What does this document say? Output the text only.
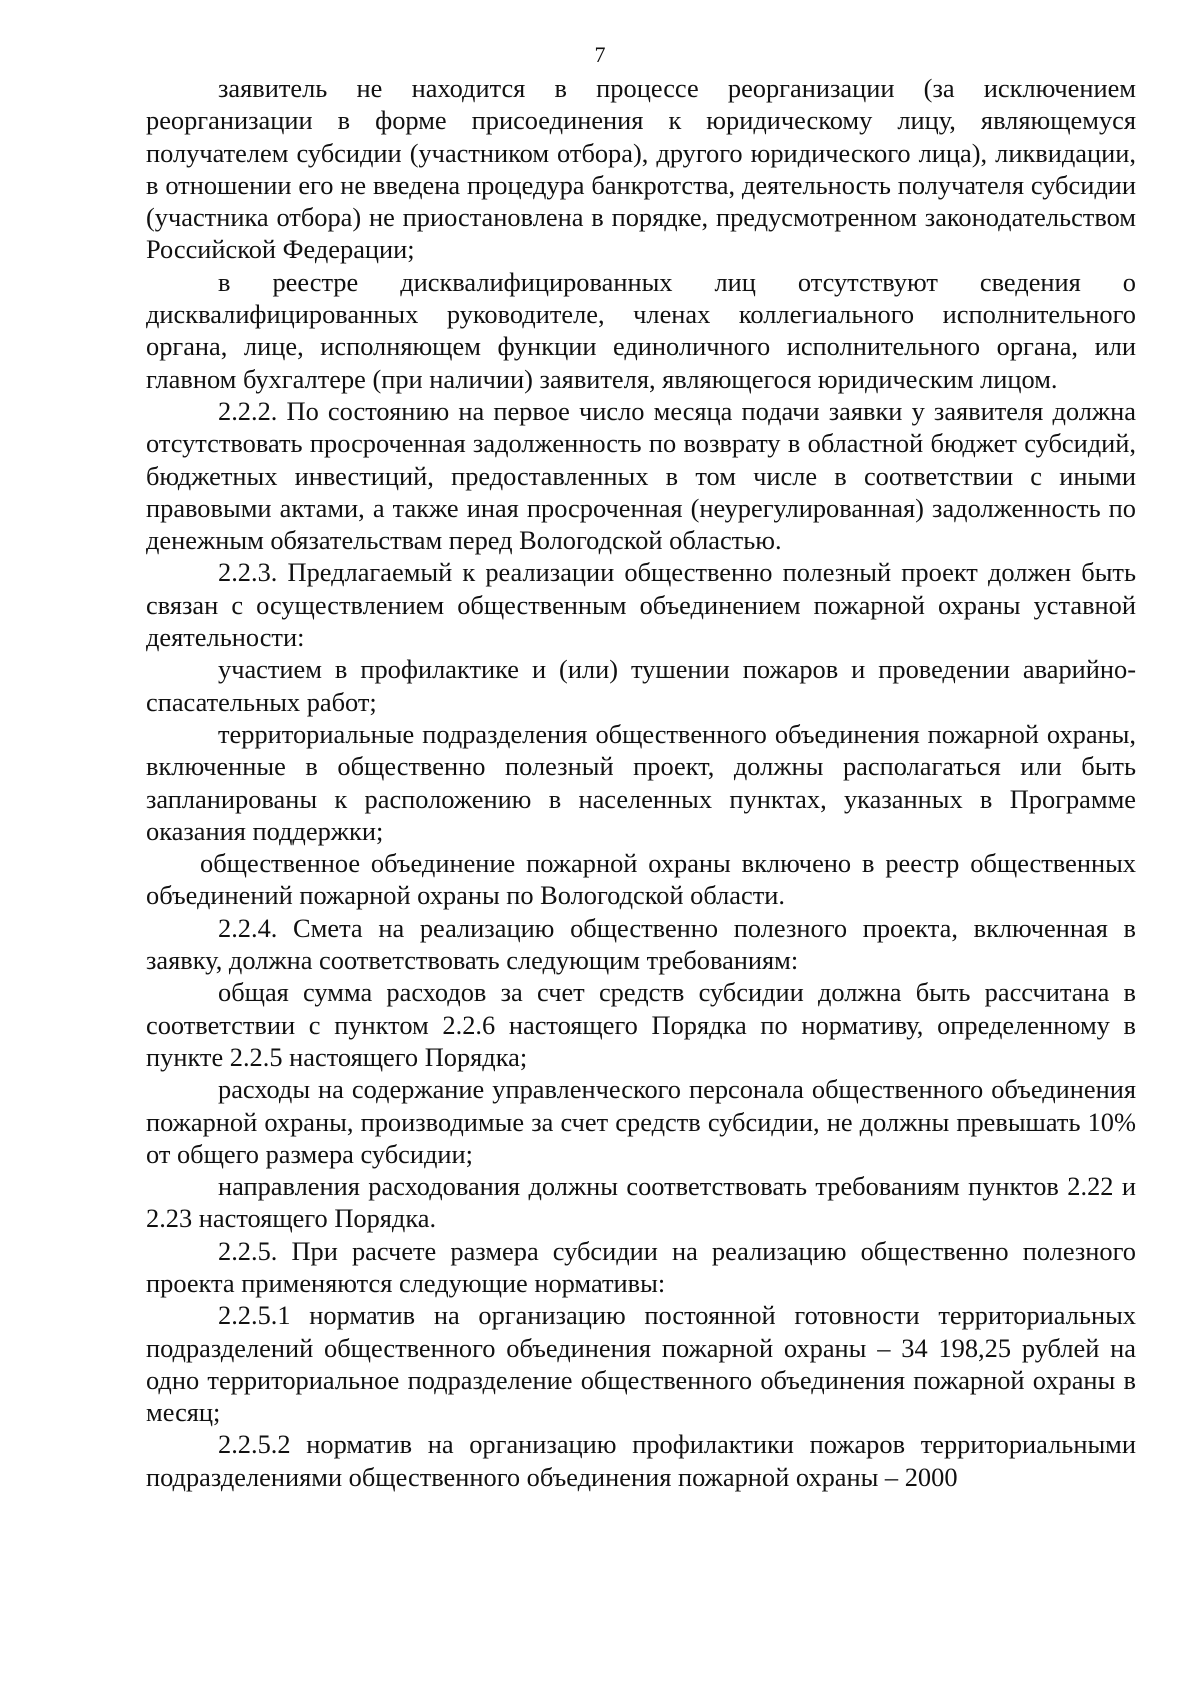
7

заявитель не находится в процессе реорганизации (за исключением реорганизации в форме присоединения к юридическому лицу, являющемуся получателем субсидии (участником отбора), другого юридического лица), ликвидации, в отношении его не введена процедура банкротства, деятельность получателя субсидии (участника отбора) не приостановлена в порядке, предусмотренном законодательством Российской Федерации;

в реестре дисквалифицированных лиц отсутствуют сведения о дисквалифицированных руководителе, членах коллегиального исполнительного органа, лице, исполняющем функции единоличного исполнительного органа, или главном бухгалтере (при наличии) заявителя, являющегося юридическим лицом.

2.2.2. По состоянию на первое число месяца подачи заявки у заявителя должна отсутствовать просроченная задолженность по возврату в областной бюджет субсидий, бюджетных инвестиций, предоставленных в том числе в соответствии с иными правовыми актами, а также иная просроченная (неурегулированная) задолженность по денежным обязательствам перед Вологодской областью.

2.2.3. Предлагаемый к реализации общественно полезный проект должен быть связан с осуществлением общественным объединением пожарной охраны уставной деятельности:

участием в профилактике и (или) тушении пожаров и проведении аварийно-спасательных работ;

территориальные подразделения общественного объединения пожарной охраны, включенные в общественно полезный проект, должны располагаться или быть запланированы к расположению в населенных пунктах, указанных в Программе оказания поддержки;

общественное объединение пожарной охраны включено в реестр общественных объединений пожарной охраны по Вологодской области.

2.2.4. Смета на реализацию общественно полезного проекта, включенная в заявку, должна соответствовать следующим требованиям:

общая сумма расходов за счет средств субсидии должна быть рассчитана в соответствии с пунктом 2.2.6 настоящего Порядка по нормативу, определенному в пункте 2.2.5 настоящего Порядка;

расходы на содержание управленческого персонала общественного объединения пожарной охраны, производимые за счет средств субсидии, не должны превышать 10% от общего размера субсидии;

направления расходования должны соответствовать требованиям пунктов 2.22 и 2.23 настоящего Порядка.

2.2.5. При расчете размера субсидии на реализацию общественно полезного проекта применяются следующие нормативы:

2.2.5.1 норматив на организацию постоянной готовности территориальных подразделений общественного объединения пожарной охраны – 34 198,25 рублей на одно территориальное подразделение общественного объединения пожарной охраны в месяц;

2.2.5.2 норматив на организацию профилактики пожаров территориальными подразделениями общественного объединения пожарной охраны – 2000
